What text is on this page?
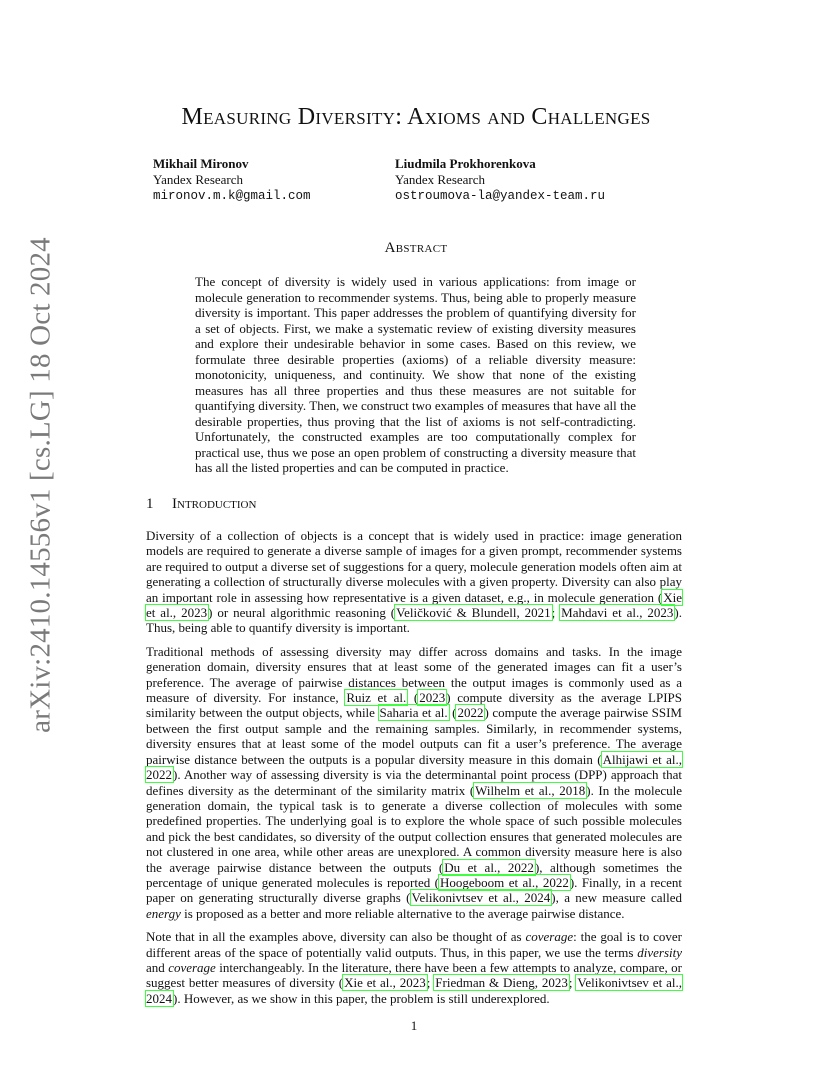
arXiv:2410.14556v1 [cs.LG] 18 Oct 2024
Measuring Diversity: Axioms and Challenges
Mikhail Mironov
Yandex Research
mironov.m.k@gmail.com
Liudmila Prokhorenkova
Yandex Research
ostroumova-la@yandex-team.ru
Abstract

The concept of diversity is widely used in various applications: from image or molecule generation to recommender systems. Thus, being able to properly measure diversity is important. This paper addresses the problem of quantifying diversity for a set of objects. First, we make a systematic review of existing diversity measures and explore their undesirable behavior in some cases. Based on this review, we formulate three desirable properties (axioms) of a reliable diversity measure: monotonicity, uniqueness, and continuity. We show that none of the existing measures has all three properties and thus these measures are not suitable for quantifying diversity. Then, we construct two examples of measures that have all the desirable properties, thus proving that the list of axioms is not self-contradicting. Unfortunately, the constructed examples are too computationally complex for practical use, thus we pose an open problem of constructing a diversity measure that has all the listed properties and can be computed in practice.

1 Introduction

Diversity of a collection of objects is a concept that is widely used in practice: image generation models are required to generate a diverse sample of images for a given prompt, recommender systems are required to output a diverse set of suggestions for a query, molecule generation models often aim at generating a collection of structurally diverse molecules with a given property. Diversity can also play an important role in assessing how representative is a given dataset, e.g., in molecule generation (Xie et al., 2023) or neural algorithmic reasoning (Veličković & Blundell, 2021; Mahdavi et al., 2023). Thus, being able to quantify diversity is important.

Traditional methods of assessing diversity may differ across domains and tasks. In the image generation domain, diversity ensures that at least some of the generated images can fit a user’s preference. The average of pairwise distances between the output images is commonly used as a measure of diversity. For instance, Ruiz et al. (2023) compute diversity as the average LPIPS similarity between the output objects, while Saharia et al. (2022) compute the average pairwise SSIM between the first output sample and the remaining samples. Similarly, in recommender systems, diversity ensures that at least some of the model outputs can fit a user’s preference. The average pairwise distance between the outputs is a popular diversity measure in this domain (Alhijawi et al., 2022). Another way of assessing diversity is via the determinantal point process (DPP) approach that defines diversity as the determinant of the similarity matrix (Wilhelm et al., 2018). In the molecule generation domain, the typical task is to generate a diverse collection of molecules with some predefined properties. The underlying goal is to explore the whole space of such possible molecules and pick the best candidates, so diversity of the output collection ensures that generated molecules are not clustered in one area, while other areas are unexplored. A common diversity measure here is also the average pairwise distance between the outputs (Du et al., 2022), although sometimes the percentage of unique generated molecules is reported (Hoogeboom et al., 2022). Finally, in a recent paper on generating structurally diverse graphs (Velikonivtsev et al., 2024), a new measure called energy is proposed as a better and more reliable alternative to the average pairwise distance.

Note that in all the examples above, diversity can also be thought of as coverage: the goal is to cover different areas of the space of potentially valid outputs. Thus, in this paper, we use the terms diversity and coverage interchangeably. In the literature, there have been a few attempts to analyze, compare, or suggest better measures of diversity (Xie et al., 2023; Friedman & Dieng, 2023; Velikonivtsev et al., 2024). However, as we show in this paper, the problem is still underexplored.

1
